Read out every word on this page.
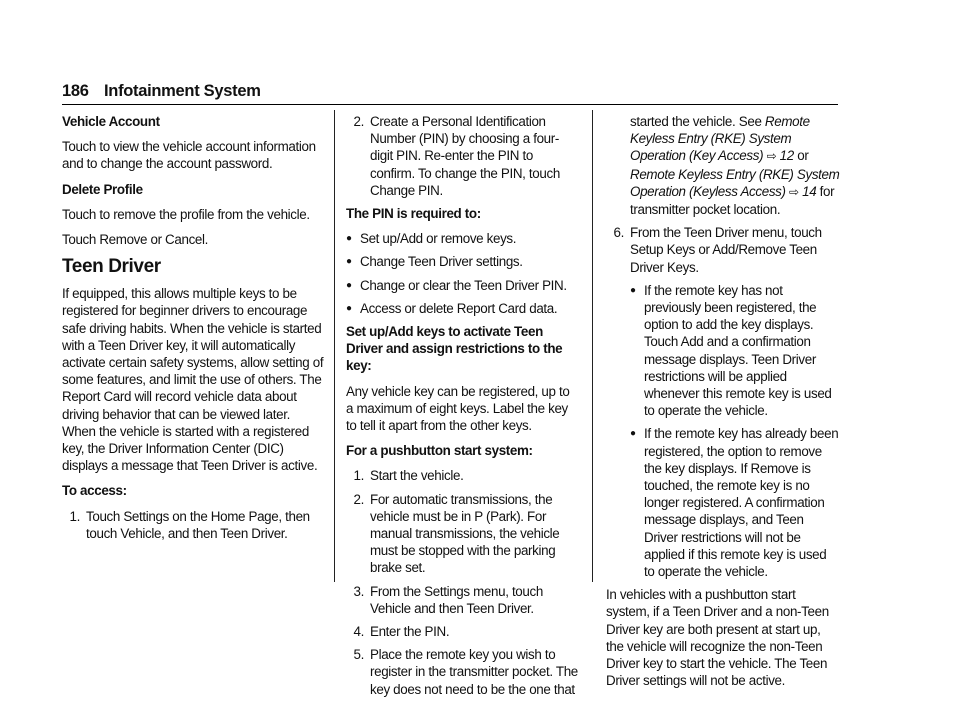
186 Infotainment System

Vehicle Account

Touch to view the vehicle account information and to change the account password.

Delete Profile

Touch to remove the profile from the vehicle.

Touch Remove or Cancel.

Teen Driver

If equipped, this allows multiple keys to be registered for beginner drivers to encourage safe driving habits. When the vehicle is started with a Teen Driver key, it will automatically activate certain safety systems, allow setting of some features, and limit the use of others. The Report Card will record vehicle data about driving behavior that can be viewed later. When the vehicle is started with a registered key, the Driver Information Center (DIC) displays a message that Teen Driver is active.

To access:

1. Touch Settings on the Home Page, then touch Vehicle, and then Teen Driver.
2. Create a Personal Identification Number (PIN) by choosing a four-digit PIN. Re-enter the PIN to confirm. To change the PIN, touch Change PIN.

The PIN is required to:

● Set up/Add or remove keys.
● Change Teen Driver settings.
● Change or clear the Teen Driver PIN.
● Access or delete Report Card data.

Set up/Add keys to activate Teen Driver and assign restrictions to the key:

Any vehicle key can be registered, up to a maximum of eight keys. Label the key to tell it apart from the other keys.

For a pushbutton start system:

1. Start the vehicle.
2. For automatic transmissions, the vehicle must be in P (Park). For manual transmissions, the vehicle must be stopped with the parking brake set.
3. From the Settings menu, touch Vehicle and then Teen Driver.
4. Enter the PIN.
5. Place the remote key you wish to register in the transmitter pocket. The key does not need to be the one that
started the vehicle. See Remote Keyless Entry (RKE) System Operation (Key Access) ⇨ 12 or
Remote Keyless Entry (RKE) System Operation (Keyless Access) ⇨ 14 for transmitter pocket location.
6. From the Teen Driver menu, touch Setup Keys or Add/Remove Teen Driver Keys.
● If the remote key has not previously been registered, the option to add the key displays. Touch Add and a confirmation message displays. Teen Driver restrictions will be applied whenever this remote key is used to operate the vehicle.
● If the remote key has already been registered, the option to remove the key displays. If Remove is touched, the remote key is no longer registered. A confirmation message displays, and Teen Driver restrictions will not be applied if this remote key is used to operate the vehicle.

In vehicles with a pushbutton start system, if a Teen Driver and a non-Teen Driver key are both present at start up, the vehicle will recognize the non-Teen Driver key to start the vehicle. The Teen Driver settings will not be active.
